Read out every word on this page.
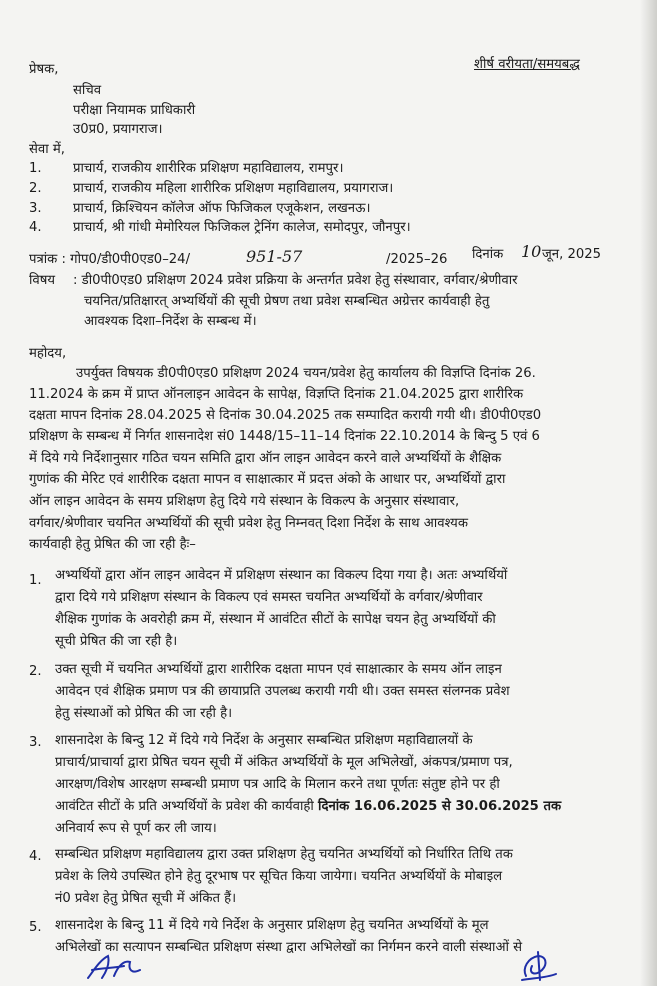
शीर्ष वरीयता/समयबद्ध
प्रेषक,
सचिव
परीक्षा नियामक प्राधिकारी
उ0प्र0, प्रयागराज।
सेवा में,
1. प्राचार्य, राजकीय शारीरिक प्रशिक्षण महाविद्यालय, रामपुर।
2. प्राचार्य, राजकीय महिला शारीरिक प्रशिक्षण महाविद्यालय, प्रयागराज।
3. प्राचार्य, क्रिश्चियन कॉलेज ऑफ फिजिकल एजूकेशन, लखनऊ।
4. प्राचार्य, श्री गांधी मेमोरियल फिजिकल ट्रेनिंग कालेज, समोदपुर, जौनपुर।
पत्रांक : गोप0/डी0पी0एड0–24/	951-57	/2025–26 दिनांक 10 जून, 2025
विषय : डी0पी0एड0 प्रशिक्षण 2024 प्रवेश प्रक्रिया के अन्तर्गत प्रवेश हेतु संस्थावार, वर्गवार/श्रेणीवार
चयनित/प्रतिक्षारत् अभ्यर्थियों की सूची प्रेषण तथा प्रवेश सम्बन्धित अग्रेत्तर कार्यवाही हेतु
आवश्यक दिशा–निर्देश के सम्बन्ध में।
महोदय,
उपर्युक्त विषयक डी0पी0एड0 प्रशिक्षण 2024 चयन/प्रवेश हेतु कार्यालय की विज्ञप्ति दिनांक 26.
11.2024 के क्रम में प्राप्त ऑनलाइन आवेदन के सापेक्ष, विज्ञप्ति दिनांक 21.04.2025 द्वारा शारीरिक
दक्षता मापन दिनांक 28.04.2025 से दिनांक 30.04.2025 तक सम्पादित करायी गयी थी। डी0पी0एड0
प्रशिक्षण के सम्बन्ध में निर्गत शासनादेश सं0 1448/15–11–14 दिनांक 22.10.2014 के बिन्दु 5 एवं 6
में दिये गये निर्देशानुसार गठित चयन समिति द्वारा ऑन लाइन आवेदन करने वाले अभ्यर्थियों के शैक्षिक
गुणांक की मेरिट एवं शारीरिक दक्षता मापन व साक्षात्कार में प्रदत्त अंको के आधार पर, अभ्यर्थियों द्वारा
ऑन लाइन आवेदन के समय प्रशिक्षण हेतु दिये गये संस्थान के विकल्प के अनुसार संस्थावार,
वर्गवार/श्रेणीवार चयनित अभ्यर्थियों की सूची प्रवेश हेतु निम्नवत् दिशा निर्देश के साथ आवश्यक
कार्यवाही हेतु प्रेषित की जा रही हैः–
1. अभ्यर्थियों द्वारा ऑन लाइन आवेदन में प्रशिक्षण संस्थान का विकल्प दिया गया है। अतः अभ्यर्थियों
द्वारा दिये गये प्रशिक्षण संस्थान के विकल्प एवं समस्त चयनित अभ्यर्थियों के वर्गवार/श्रेणीवार
शैक्षिक गुणांक के अवरोही क्रम में, संस्थान में आवंटित सीटों के सापेक्ष चयन हेतु अभ्यर्थियों की
सूची प्रेषित की जा रही है।
2. उक्त सूची में चयनित अभ्यर्थियों द्वारा शारीरिक दक्षता मापन एवं साक्षात्कार के समय ऑन लाइन
आवेदन एवं शैक्षिक प्रमाण पत्र की छायाप्रति उपलब्ध करायी गयी थी। उक्त समस्त संलग्नक प्रवेश
हेतु संस्थाओं को प्रेषित की जा रही है।
3. शासनादेश के बिन्दु 12 में दिये गये निर्देश के अनुसार सम्बन्धित प्रशिक्षण महाविद्यालयों के
प्राचार्य/प्राचार्या द्वारा प्रेषित चयन सूची में अंकित अभ्यर्थियों के मूल अभिलेखों, अंकपत्र/प्रमाण पत्र,
आरक्षण/विशेष आरक्षण सम्बन्धी प्रमाण पत्र आदि के मिलान करने तथा पूर्णतः संतुष्ट होने पर ही
आवंटित सीटों के प्रति अभ्यर्थियों के प्रवेश की कार्यवाही दिनांक 16.06.2025 से 30.06.2025 तक
अनिवार्य रूप से पूर्ण कर ली जाय।
4. सम्बन्धित प्रशिक्षण महाविद्यालय द्वारा उक्त प्रशिक्षण हेतु चयनित अभ्यर्थियों को निर्धारित तिथि तक
प्रवेश के लिये उपस्थित होने हेतु दूरभाष पर सूचित किया जायेगा। चयनित अभ्यर्थियों के मोबाइल
नं0 प्रवेश हेतु प्रेषित सूची में अंकित हैं।
5. शासनादेश के बिन्दु 11 में दिये गये निर्देश के अनुसार प्रशिक्षण हेतु चयनित अभ्यर्थियों के मूल
अभिलेखों का सत्यापन सम्बन्धित प्रशिक्षण संस्था द्वारा अभिलेखों का निर्गमन करने वाली संस्थाओं से
